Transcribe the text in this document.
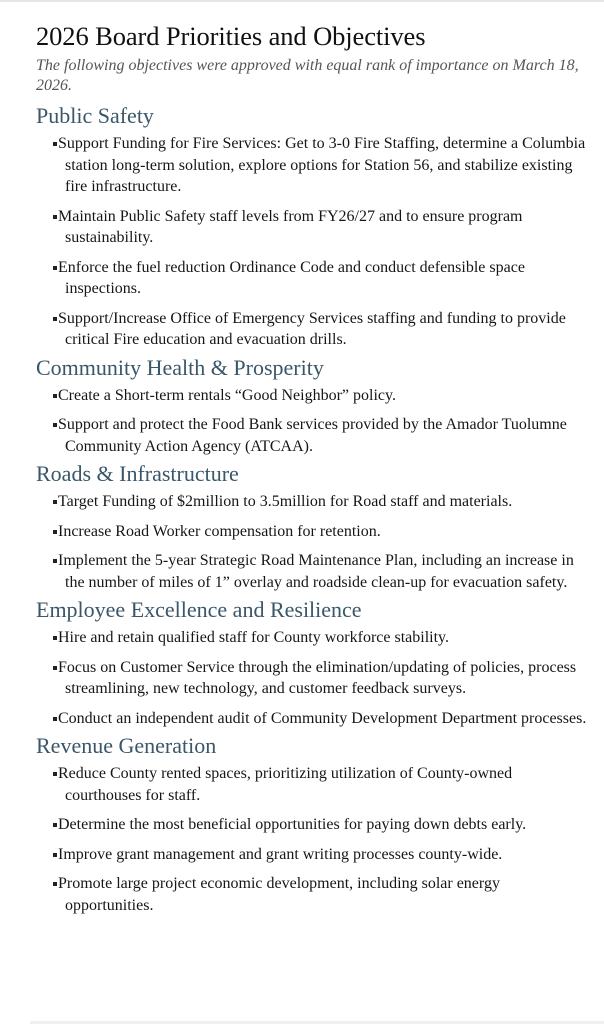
2026 Board Priorities and Objectives

The following objectives were approved with equal rank of importance on March 18, 2026.

Public Safety
Support Funding for Fire Services: Get to 3-0 Fire Staffing, determine a Columbia station long-term solution, explore options for Station 56, and stabilize existing fire infrastructure.
Maintain Public Safety staff levels from FY26/27 and to ensure program sustainability.
Enforce the fuel reduction Ordinance Code and conduct defensible space inspections.
Support/Increase Office of Emergency Services staffing and funding to provide critical Fire education and evacuation drills.
Community Health & Prosperity
Create a Short-term rentals “Good Neighbor” policy.
Support and protect the Food Bank services provided by the Amador Tuolumne Community Action Agency (ATCAA).
Roads & Infrastructure
Target Funding of $2million to 3.5million for Road staff and materials.
Increase Road Worker compensation for retention.
Implement the 5-year Strategic Road Maintenance Plan, including an increase in the number of miles of 1” overlay and roadside clean-up for evacuation safety.
Employee Excellence and Resilience
Hire and retain qualified staff for County workforce stability.
Focus on Customer Service through the elimination/updating of policies, process streamlining, new technology, and customer feedback surveys.
Conduct an independent audit of Community Development Department processes.
Revenue Generation
Reduce County rented spaces, prioritizing utilization of County-owned courthouses for staff.
Determine the most beneficial opportunities for paying down debts early.
Improve grant management and grant writing processes county-wide.
Promote large project economic development, including solar energy opportunities.
